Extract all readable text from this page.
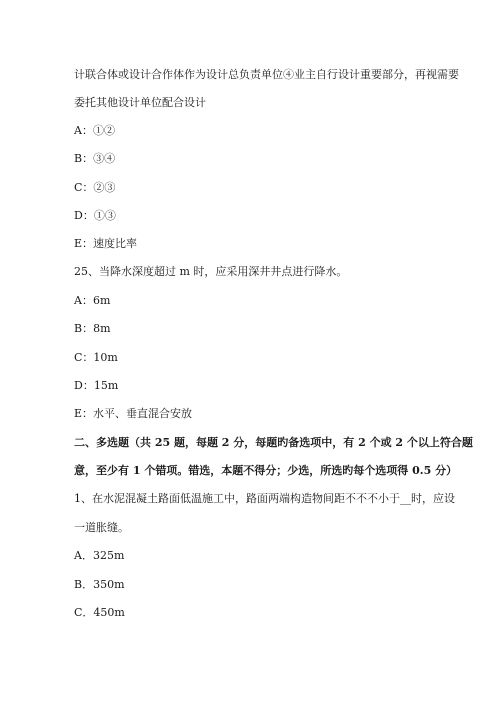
计联合体或设计合作体作为设计总负责单位④业主自行设计重要部分，再视需要
委托其他设计单位配合设计
A：①②
B：③④
C：②③
D：①③
E：速度比率
25、当降水深度超过 m 时，应采用深井井点进行降水。
A：6m
B：8m
C：10m
D：15m
E：水平、垂直混合安放
二、多选题（共 25 题，每题 2 分，每题旳备选项中，有 2 个或 2 个以上符合题
意，至少有 1 个错项。错选，本题不得分；少选，所选旳每个选项得 0.5 分）
1、在水泥混凝土路面低温施工中，路面两端构造物间距不不不小于__时，应设
一道胀缝。
A．325m
B．350m
C．450m
